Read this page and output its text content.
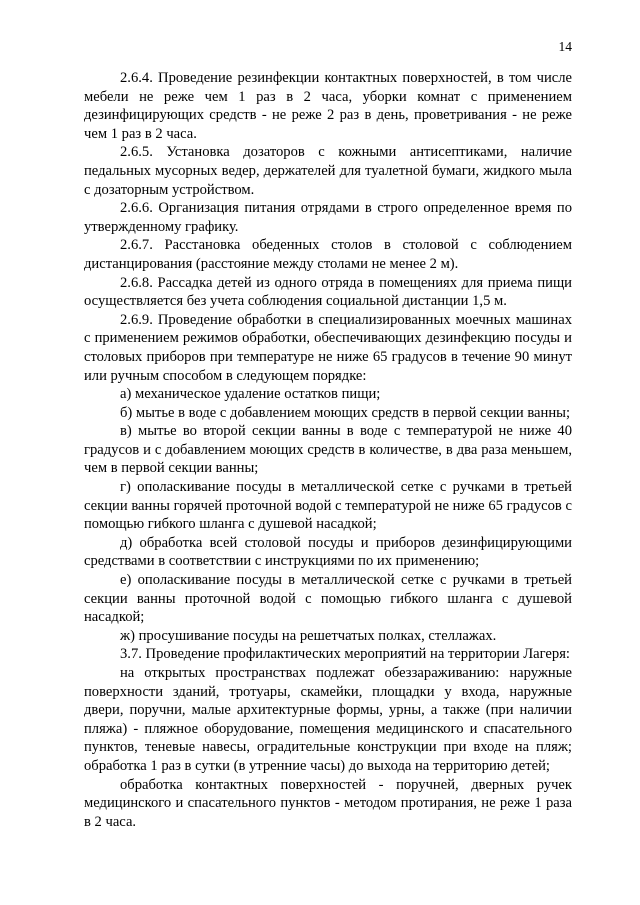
14

2.6.4. Проведение резинфекции контактных поверхностей, в том числе мебели не реже чем 1 раз в 2 часа, уборки комнат с применением дезинфицирующих средств - не реже 2 раз в день, проветривания - не реже чем 1 раз в 2 часа.

2.6.5. Установка дозаторов с кожными антисептиками, наличие педальных мусорных ведер, держателей для туалетной бумаги, жидкого мыла с дозаторным устройством.

2.6.6. Организация питания отрядами в строго определенное время по утвержденному графику.

2.6.7. Расстановка обеденных столов в столовой с соблюдением дистанцирования (расстояние между столами не менее 2 м).

2.6.8. Рассадка детей из одного отряда в помещениях для приема пищи осуществляется без учета соблюдения социальной дистанции 1,5 м.

2.6.9. Проведение обработки в специализированных моечных машинах с применением режимов обработки, обеспечивающих дезинфекцию посуды и столовых приборов при температуре не ниже 65 градусов в течение 90 минут или ручным способом в следующем порядке:

а) механическое удаление остатков пищи;

б) мытье в воде с добавлением моющих средств в первой секции ванны;

в) мытье во второй секции ванны в воде с температурой не ниже 40 градусов и с добавлением моющих средств в количестве, в два раза меньшем, чем в первой секции ванны;

г) ополаскивание посуды в металлической сетке с ручками в третьей секции ванны горячей проточной водой с температурой не ниже 65 градусов с помощью гибкого шланга с душевой насадкой;

д) обработка всей столовой посуды и приборов дезинфицирующими средствами в соответствии с инструкциями по их применению;

е) ополаскивание посуды в металлической сетке с ручками в третьей секции ванны проточной водой с помощью гибкого шланга с душевой насадкой;

ж) просушивание посуды на решетчатых полках, стеллажах.

3.7. Проведение профилактических мероприятий на территории Лагеря:

на открытых пространствах подлежат обеззараживанию: наружные поверхности зданий, тротуары, скамейки, площадки у входа, наружные двери, поручни, малые архитектурные формы, урны, а также (при наличии пляжа) - пляжное оборудование, помещения медицинского и спасательного пунктов, теневые навесы, оградительные конструкции при входе на пляж; обработка 1 раз в сутки (в утренние часы) до выхода на территорию детей;

обработка контактных поверхностей - поручней, дверных ручек медицинского и спасательного пунктов - методом протирания, не реже 1 раза в 2 часа.
